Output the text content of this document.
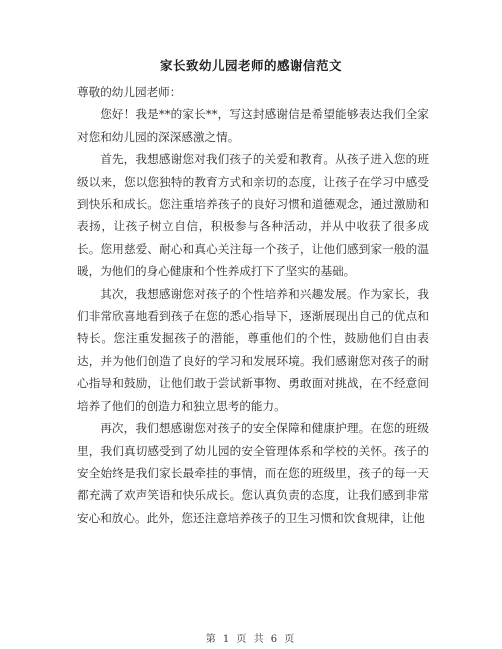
家长致幼儿园老师的感谢信范文

尊敬的幼儿园老师：

您好！我是**的家长**，写这封感谢信是希望能够表达我们全家对您和幼儿园的深深感激之情。

首先，我想感谢您对我们孩子的关爱和教育。从孩子进入您的班级以来，您以您独特的教育方式和亲切的态度，让孩子在学习中感受到快乐和成长。您注重培养孩子的良好习惯和道德观念，通过激励和表扬，让孩子树立自信，积极参与各种活动，并从中收获了很多成长。您用慈爱、耐心和真心关注每一个孩子，让他们感到家一般的温暖，为他们的身心健康和个性养成打下了坚实的基础。

其次，我想感谢您对孩子的个性培养和兴趣发展。作为家长，我们非常欣喜地看到孩子在您的悉心指导下，逐渐展现出自己的优点和特长。您注重发掘孩子的潜能，尊重他们的个性，鼓励他们自由表达，并为他们创造了良好的学习和发展环境。我们感谢您对孩子的耐心指导和鼓励，让他们敢于尝试新事物、勇敢面对挑战，在不经意间培养了他们的创造力和独立思考的能力。

再次，我们想感谢您对孩子的安全保障和健康护理。在您的班级里，我们真切感受到了幼儿园的安全管理体系和学校的关怀。孩子的安全始终是我们家长最牵挂的事情，而在您的班级里，孩子的每一天都充满了欢声笑语和快乐成长。您认真负责的态度，让我们感到非常安心和放心。此外，您还注意培养孩子的卫生习惯和饮食规律，让他

第 1 页 共 6 页
